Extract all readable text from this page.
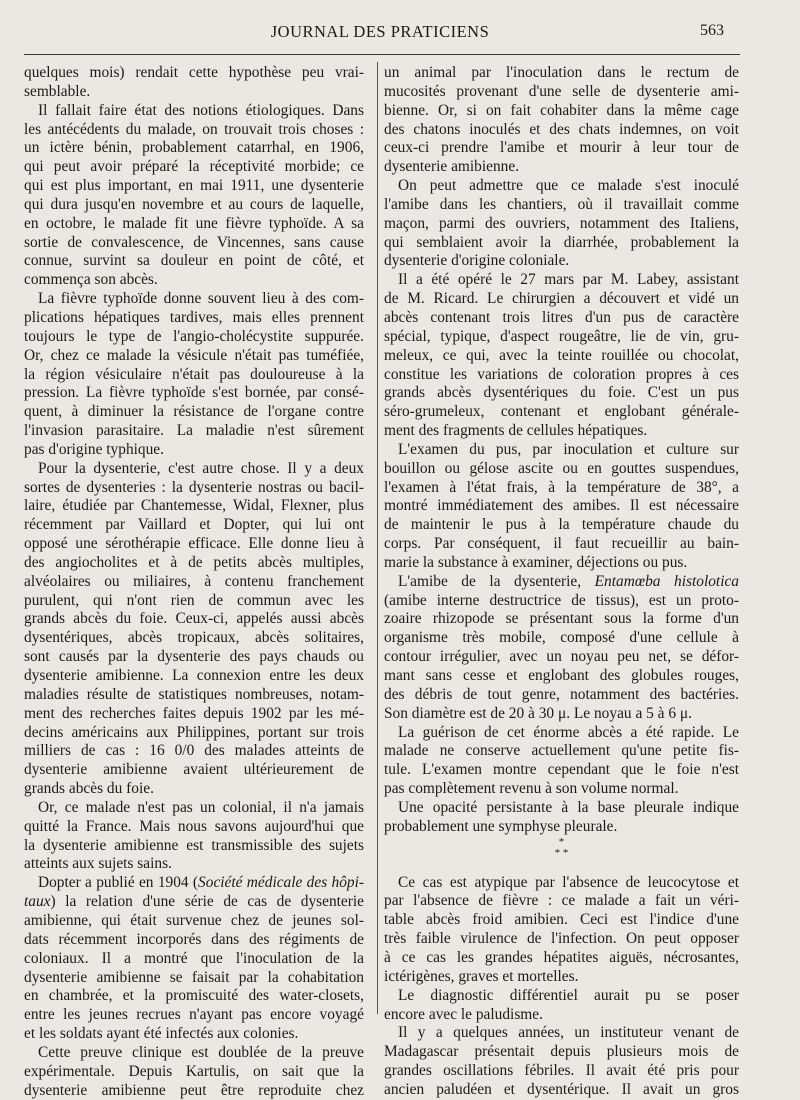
JOURNAL DES PRATICIENS	563
quelques mois) rendait cette hypothèse peu vrai-
semblable.
Il fallait faire état des notions étiologiques. Dans
les antécédents du malade, on trouvait trois choses :
un ictère bénin, probablement catarrhal, en 1906,
qui peut avoir préparé la réceptivité morbide; ce
qui est plus important, en mai 1911, une dysenterie
qui dura jusqu'en novembre et au cours de laquelle,
en octobre, le malade fit une fièvre typhoïde. A sa
sortie de convalescence, de Vincennes, sans cause
connue, survint sa douleur en point de côté, et
commença son abcès.
La fièvre typhoïde donne souvent lieu à des com-
plications hépatiques tardives, mais elles prennent
toujours le type de l'angio-cholécystite suppurée.
Or, chez ce malade la vésicule n'était pas tuméfiée,
la région vésiculaire n'était pas douloureuse à la
pression. La fièvre typhoïde s'est bornée, par consé-
quent, à diminuer la résistance de l'organe contre
l'invasion parasitaire. La maladie n'est sûrement
pas d'origine typhique.
Pour la dysenterie, c'est autre chose. Il y a deux
sortes de dysenteries : la dysenterie nostras ou bacil-
laire, étudiée par Chantemesse, Widal, Flexner, plus
récemment par Vaillard et Dopter, qui lui ont
opposé une sérothérapie efficace. Elle donne lieu à
des angiocholites et à de petits abcès multiples,
alvéolaires ou miliaires, à contenu franchement
purulent, qui n'ont rien de commun avec les
grands abcès du foie. Ceux-ci, appelés aussi abcès
dysentériques, abcès tropicaux, abcès solitaires,
sont causés par la dysenterie des pays chauds ou
dysenterie amibienne. La connexion entre les deux
maladies résulte de statistiques nombreuses, notam-
ment des recherches faites depuis 1902 par les mé-
decins américains aux Philippines, portant sur trois
milliers de cas : 16 0/0 des malades atteints de
dysenterie amibienne avaient ultérieurement de
grands abcès du foie.
Or, ce malade n'est pas un colonial, il n'a jamais
quitté la France. Mais nous savons aujourd'hui que
la dysenterie amibienne est transmissible des sujets
atteints aux sujets sains.
Dopter a publié en 1904 (Société médicale des hôpi-
taux) la relation d'une série de cas de dysenterie
amibienne, qui était survenue chez de jeunes sol-
dats récemment incorporés dans des régiments de
coloniaux. Il a montré que l'inoculation de la
dysenterie amibienne se faisait par la cohabitation
en chambrée, et la promiscuité des water-closets,
entre les jeunes recrues n'ayant pas encore voyagé
et les soldats ayant été infectés aux colonies.
Cette preuve clinique est doublée de la preuve
expérimentale. Depuis Kartulis, on sait que la
dysenterie amibienne peut être reproduite chez
un animal par l'inoculation dans le rectum de
mucosités provenant d'une selle de dysenterie ami-
bienne. Or, si on fait cohabiter dans la même cage
des chatons inoculés et des chats indemnes, on voit
ceux-ci prendre l'amibe et mourir à leur tour de
dysenterie amibienne.
On peut admettre que ce malade s'est inoculé
l'amibe dans les chantiers, où il travaillait comme
maçon, parmi des ouvriers, notamment des Italiens,
qui semblaient avoir la diarrhée, probablement la
dysenterie d'origine coloniale.
Il a été opéré le 27 mars par M. Labey, assistant
de M. Ricard. Le chirurgien a découvert et vidé un
abcès contenant trois litres d'un pus de caractère
spécial, typique, d'aspect rougeâtre, lie de vin, gru-
meleux, ce qui, avec la teinte rouillée ou chocolat,
constitue les variations de coloration propres à ces
grands abcès dysentériques du foie. C'est un pus
séro-grumeleux, contenant et englobant générale-
ment des fragments de cellules hépatiques.
L'examen du pus, par inoculation et culture sur
bouillon ou gélose ascite ou en gouttes suspendues,
l'examen à l'état frais, à la température de 38°, a
montré immédiatement des amibes. Il est nécessaire
de maintenir le pus à la température chaude du
corps. Par conséquent, il faut recueillir au bain-
marie la substance à examiner, déjections ou pus.
L'amibe de la dysenterie, Entamœba histolotica
(amibe interne destructrice de tissus), est un proto-
zoaire rhizopode se présentant sous la forme d'un
organisme très mobile, composé d'une cellule à
contour irrégulier, avec un noyau peu net, se défor-
mant sans cesse et englobant des globules rouges,
des débris de tout genre, notamment des bactéries.
Son diamètre est de 20 à 30 μ. Le noyau a 5 à 6 μ.
La guérison de cet énorme abcès a été rapide. Le
malade ne conserve actuellement qu'une petite fis-
tule. L'examen montre cependant que le foie n'est
pas complètement revenu à son volume normal.
Une opacité persistante à la base pleurale indique
probablement une symphyse pleurale.
*
* *
Ce cas est atypique par l'absence de leucocytose et
par l'absence de fièvre : ce malade a fait un véri-
table abcès froid amibien. Ceci est l'indice d'une
très faible virulence de l'infection. On peut opposer
à ce cas les grandes hépatites aiguës, nécrosantes,
ictérigènes, graves et mortelles.
Le diagnostic différentiel aurait pu se poser
encore avec le paludisme.
Il y a quelques années, un instituteur venant de
Madagascar présentait depuis plusieurs mois de
grandes oscillations fébriles. Il avait été pris pour
ancien paludéen et dysentérique. Il avait un gros
